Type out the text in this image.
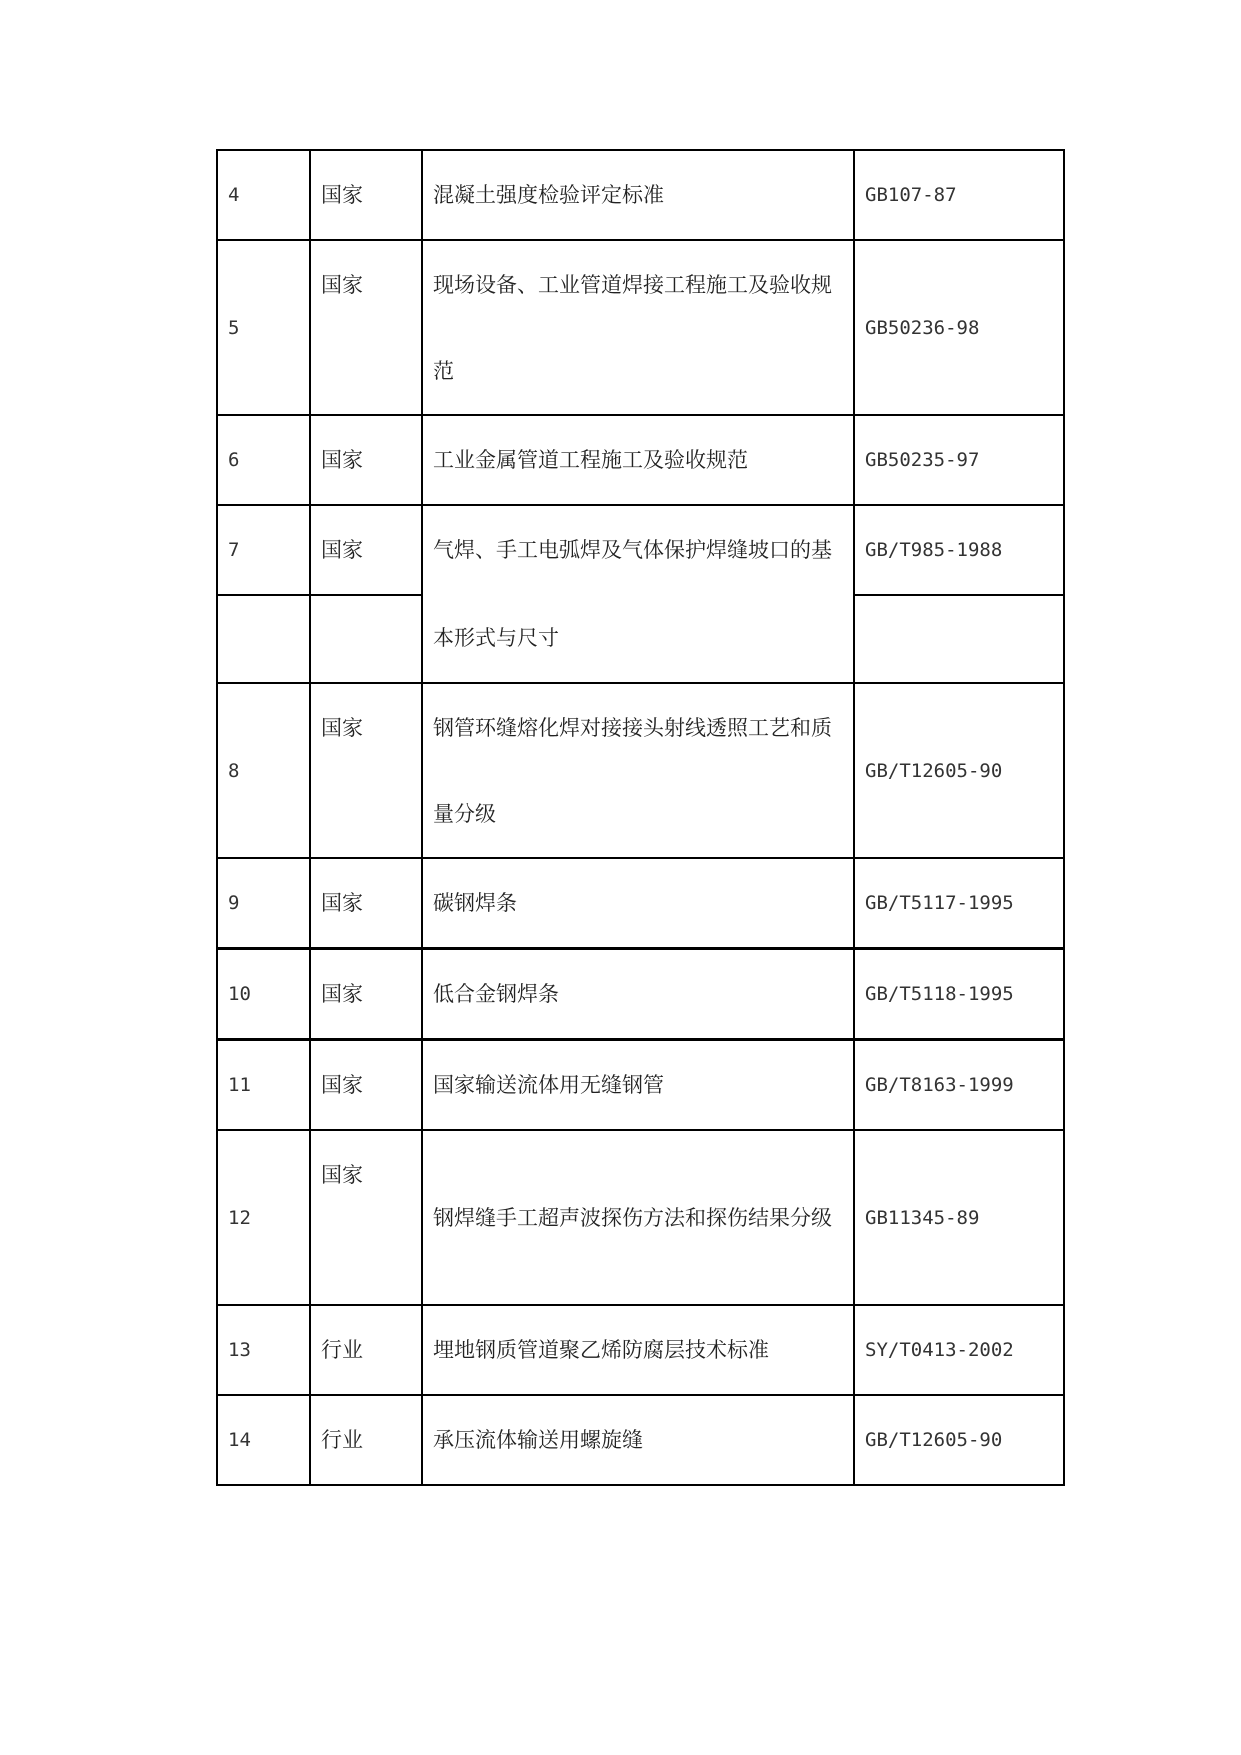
4	国家	混凝土强度检验评定标准	GB107-87
5	国家	现场设备、工业管道焊接工程施工及验收规范	GB50236-98
6	国家	工业金属管道工程施工及验收规范	GB50235-97
7	国家	气焊、手工电弧焊及气体保护焊缝坡口的基本形式与尺寸	GB/T985-1988

8	国家	钢管环缝熔化焊对接接头射线透照工艺和质量分级	GB/T12605-90
9	国家	碳钢焊条	GB/T5117-1995
10	国家	低合金钢焊条	GB/T5118-1995
11	国家	国家输送流体用无缝钢管	GB/T8163-1999
12	国家	钢焊缝手工超声波探伤方法和探伤结果分级	GB11345-89
13	行业	埋地钢质管道聚乙烯防腐层技术标准	SY/T0413-2002
14	行业	承压流体输送用螺旋缝	GB/T12605-90
